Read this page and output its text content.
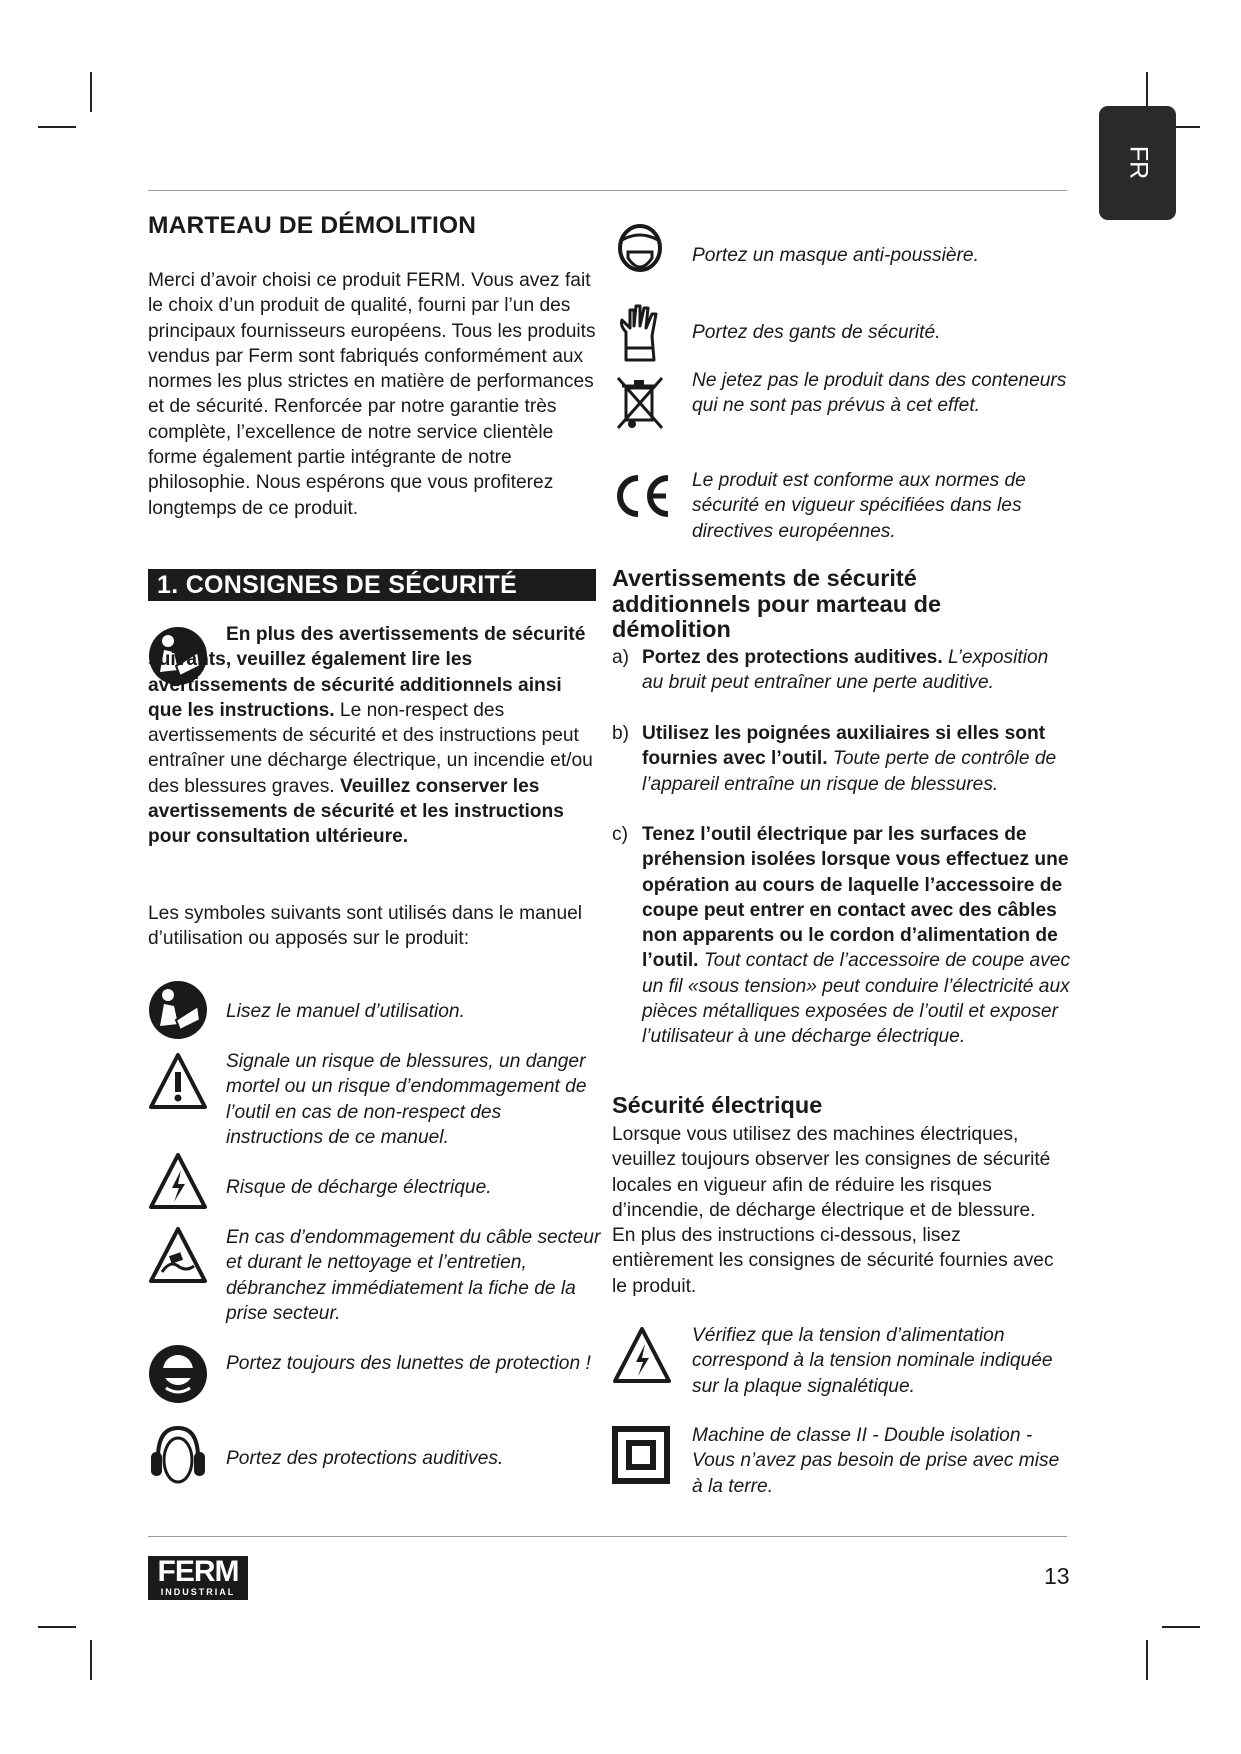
FR
MARTEAU DE DÉMOLITION

Merci d’avoir choisi ce produit FERM. Vous avez fait le choix d’un produit de qualité, fourni par l’un des principaux fournisseurs européens. Tous les produits vendus par Ferm sont fabriqués conformément aux normes les plus strictes en matière de performances et de sécurité. Renforcée par notre garantie très complète, l’excellence de notre service clientèle forme également partie intégrante de notre philosophie. Nous espérons que vous profiterez longtemps de ce produit.

1. CONSIGNES DE SÉCURITÉ

En plus des avertissements de sécurité suivants, veuillez également lire les avertissements de sécurité additionnels ainsi que les instructions. Le non-respect des avertissements de sécurité et des instructions peut entraîner une décharge électrique, un incendie et/ou des blessures graves. Veuillez conserver les avertissements de sécurité et les instructions pour consultation ultérieure.

Les symboles suivants sont utilisés dans le manuel d’utilisation ou apposés sur le produit:

Lisez le manuel d’utilisation.
Signale un risque de blessures, un danger mortel ou un risque d’endommagement de l’outil en cas de non-respect des instructions de ce manuel.
Risque de décharge électrique.
En cas d’endommagement du câble secteur et durant le nettoyage et l’entretien, débranchez immédiatement la fiche de la prise secteur.
Portez toujours des lunettes de protection !
Portez des protections auditives.
Portez un masque anti-poussière.
Portez des gants de sécurité.
Ne jetez pas le produit dans des conteneurs qui ne sont pas prévus à cet effet.
Le produit est conforme aux normes de sécurité en vigueur spécifiées dans les directives européennes.
Avertissements de sécurité additionnels pour marteau de démolition
a) Portez des protections auditives. L’exposition au bruit peut entraîner une perte auditive.
b) Utilisez les poignées auxiliaires si elles sont fournies avec l’outil. Toute perte de contrôle de l’appareil entraîne un risque de blessures.
c) Tenez l’outil électrique par les surfaces de préhension isolées lorsque vous effectuez une opération au cours de laquelle l’accessoire de coupe peut entrer en contact avec des câbles non apparents ou le cordon d’alimentation de l’outil. Tout contact de l’accessoire de coupe avec un fil «sous tension» peut conduire l’électricité aux pièces métalliques exposées de l’outil et exposer l’utilisateur à une décharge électrique.
Sécurité électrique

Lorsque vous utilisez des machines électriques, veuillez toujours observer les consignes de sécurité locales en vigueur afin de réduire les risques d’incendie, de décharge électrique et de blessure. En plus des instructions ci-dessous, lisez entièrement les consignes de sécurité fournies avec le produit.

Vérifiez que la tension d’alimentation correspond à la tension nominale indiquée sur la plaque signalétique.
Machine de classe II - Double isolation - Vous n’avez pas besoin de prise avec mise à la terre.
FERM
INDUSTRIAL
13
